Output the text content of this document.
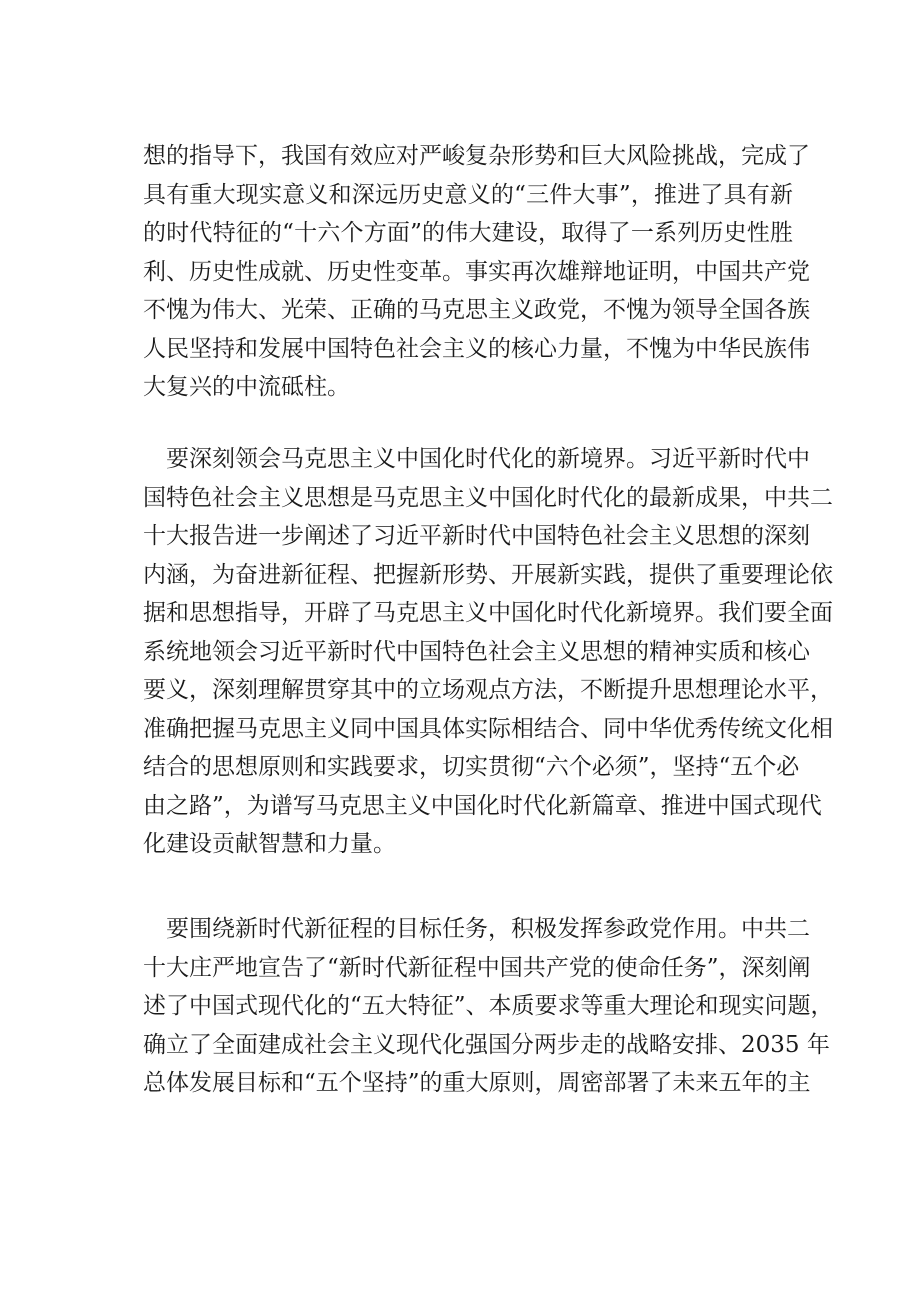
想的指导下，我国有效应对严峻复杂形势和巨大风险挑战，完成了
具有重大现实意义和深远历史意义的“三件大事”，推进了具有新
的时代特征的“十六个方面”的伟大建设，取得了一系列历史性胜
利、历史性成就、历史性变革。事实再次雄辩地证明，中国共产党
不愧为伟大、光荣、正确的马克思主义政党，不愧为领导全国各族
人民坚持和发展中国特色社会主义的核心力量，不愧为中华民族伟
大复兴的中流砥柱。
要深刻领会马克思主义中国化时代化的新境界。习近平新时代中
国特色社会主义思想是马克思主义中国化时代化的最新成果，中共二
十大报告进一步阐述了习近平新时代中国特色社会主义思想的深刻
内涵，为奋进新征程、把握新形势、开展新实践，提供了重要理论依
据和思想指导，开辟了马克思主义中国化时代化新境界。我们要全面
系统地领会习近平新时代中国特色社会主义思想的精神实质和核心
要义，深刻理解贯穿其中的立场观点方法，不断提升思想理论水平，
准确把握马克思主义同中国具体实际相结合、同中华优秀传统文化相
结合的思想原则和实践要求，切实贯彻“六个必须”，坚持“五个必
由之路”，为谱写马克思主义中国化时代化新篇章、推进中国式现代
化建设贡献智慧和力量。
要围绕新时代新征程的目标任务，积极发挥参政党作用。中共二
十大庄严地宣告了“新时代新征程中国共产党的使命任务”，深刻阐
述了中国式现代化的“五大特征”、本质要求等重大理论和现实问题，
确立了全面建成社会主义现代化强国分两步走的战略安排、2035 年
总体发展目标和“五个坚持”的重大原则，周密部署了未来五年的主
